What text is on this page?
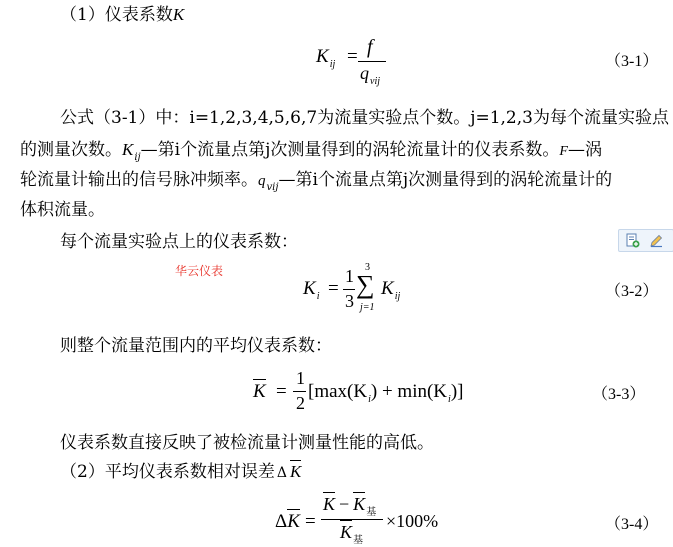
（1）仪表系数K
$K_{ij} = f$
$q_{vij}$
（3-1）
公式（3-1）中：i=1,2,3,4,5,6,7为流量实验点个数。j=1,2,3为每个流量实验点
的测量次数。$K_{ij}—$第i个流量点第j次测量得到的涡轮流量计的仪表系数。F—涡
轮流量计输出的信号脉冲频率。$q_{vij}—$第i个流量点第j次测量得到的涡轮流量计的
体积流量。
每个流量实验点上的仪表系数：
华云仪表
$K_i$ =
1
3
3
∑
j=1
$K_{ij}$	（3-2）
则整个流量范围内的平均仪表系数：
K =
1
2
$[\max(K_i) + \min(K_i)]$	（3-3）
仪表系数直接反映了被检流量计测量性能的高低。
（2）平均仪表系数相对误差 Δ K
ΔK =
$K - K_基$
$K_基$
×100%	（3-4）
